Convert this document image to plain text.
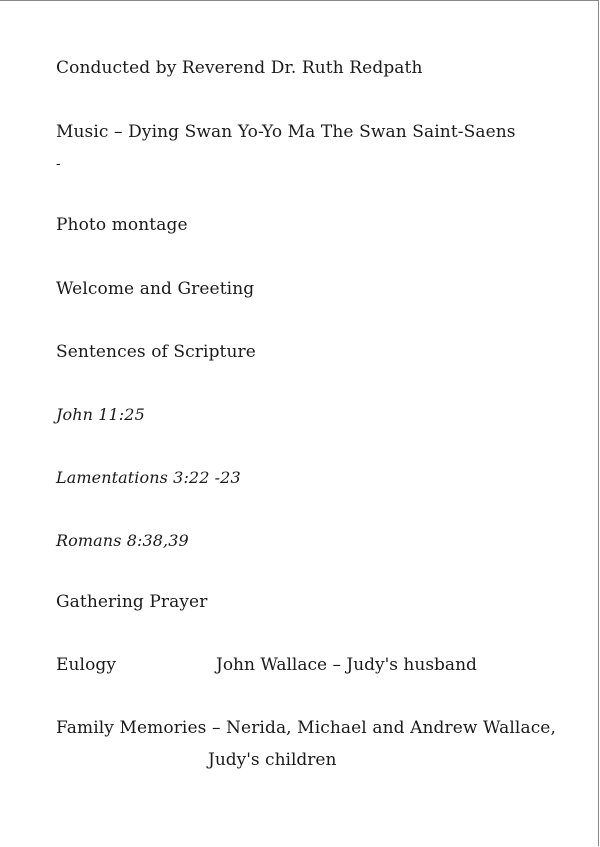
Conducted by Reverend Dr. Ruth Redpath
Music – Dying Swan Yo-Yo Ma The Swan Saint-Saens
-
Photo montage
Welcome and Greeting
Sentences of Scripture
John 11:25
Lamentations 3:22 -23
Romans 8:38,39
Gathering Prayer
Eulogy	John Wallace – Judy's husband
Family Memories – Nerida, Michael and Andrew Wallace,
Judy's children
